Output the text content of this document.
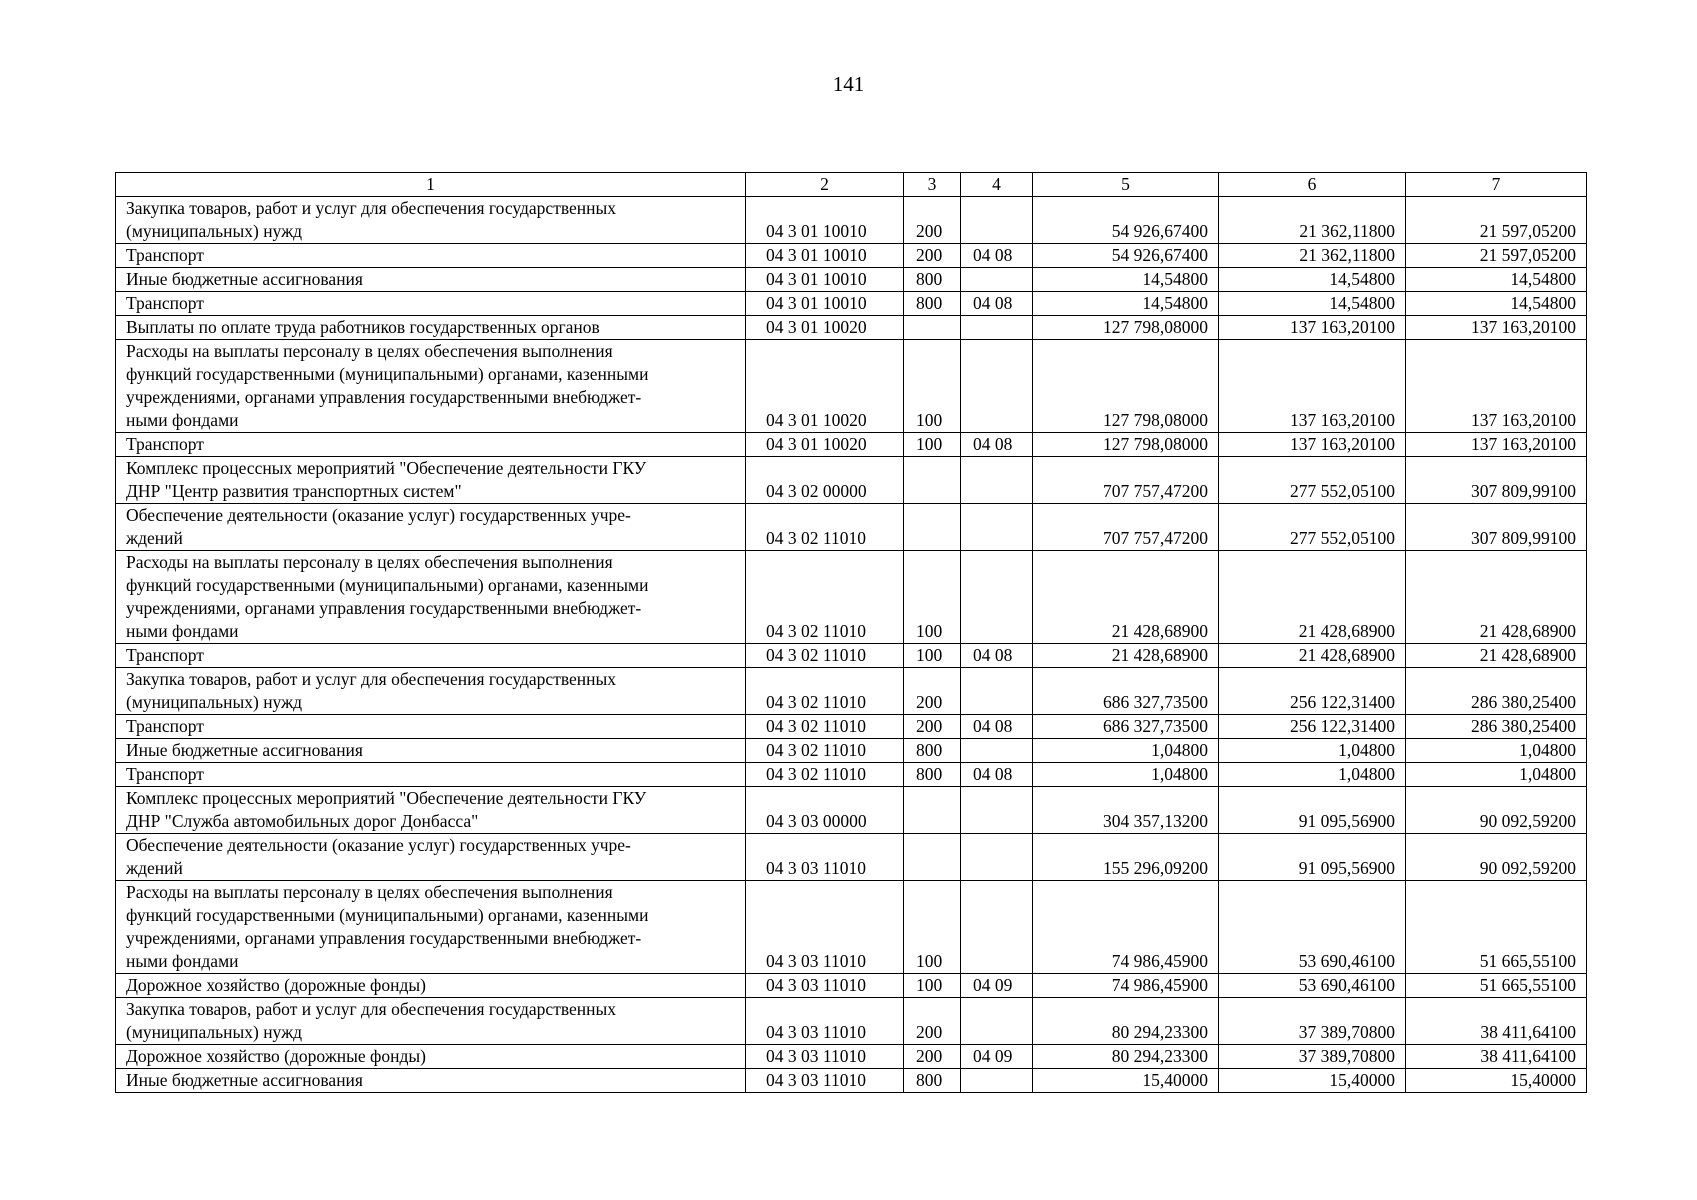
141
1	2	3	4	5	6	7
Закупка товаров, работ и услуг для обеспечения государственных
(муниципальных) нужд	04 3 01 10010	200		54 926,67400	21 362,11800	21 597,05200
Транспорт	04 3 01 10010	200	04 08	54 926,67400	21 362,11800	21 597,05200
Иные бюджетные ассигнования	04 3 01 10010	800		14,54800	14,54800	14,54800
Транспорт	04 3 01 10010	800	04 08	14,54800	14,54800	14,54800
Выплаты по оплате труда работников государственных органов	04 3 01 10020			127 798,08000	137 163,20100	137 163,20100
Расходы на выплаты персоналу в целях обеспечения выполнения
функций государственными (муниципальными) органами, казенными
учреждениями, органами управления государственными внебюджет-
ными фондами	04 3 01 10020	100		127 798,08000	137 163,20100	137 163,20100
Транспорт	04 3 01 10020	100	04 08	127 798,08000	137 163,20100	137 163,20100
Комплекс процессных мероприятий "Обеспечение деятельности ГКУ
ДНР "Центр развития транспортных систем"	04 3 02 00000			707 757,47200	277 552,05100	307 809,99100
Обеспечение деятельности (оказание услуг) государственных учре-
ждений	04 3 02 11010			707 757,47200	277 552,05100	307 809,99100
Расходы на выплаты персоналу в целях обеспечения выполнения
функций государственными (муниципальными) органами, казенными
учреждениями, органами управления государственными внебюджет-
ными фондами	04 3 02 11010	100		21 428,68900	21 428,68900	21 428,68900
Транспорт	04 3 02 11010	100	04 08	21 428,68900	21 428,68900	21 428,68900
Закупка товаров, работ и услуг для обеспечения государственных
(муниципальных) нужд	04 3 02 11010	200		686 327,73500	256 122,31400	286 380,25400
Транспорт	04 3 02 11010	200	04 08	686 327,73500	256 122,31400	286 380,25400
Иные бюджетные ассигнования	04 3 02 11010	800		1,04800	1,04800	1,04800
Транспорт	04 3 02 11010	800	04 08	1,04800	1,04800	1,04800
Комплекс процессных мероприятий "Обеспечение деятельности ГКУ
ДНР "Служба автомобильных дорог Донбасса"	04 3 03 00000			304 357,13200	91 095,56900	90 092,59200
Обеспечение деятельности (оказание услуг) государственных учре-
ждений	04 3 03 11010			155 296,09200	91 095,56900	90 092,59200
Расходы на выплаты персоналу в целях обеспечения выполнения
функций государственными (муниципальными) органами, казенными
учреждениями, органами управления государственными внебюджет-
ными фондами	04 3 03 11010	100		74 986,45900	53 690,46100	51 665,55100
Дорожное хозяйство (дорожные фонды)	04 3 03 11010	100	04 09	74 986,45900	53 690,46100	51 665,55100
Закупка товаров, работ и услуг для обеспечения государственных
(муниципальных) нужд	04 3 03 11010	200		80 294,23300	37 389,70800	38 411,64100
Дорожное хозяйство (дорожные фонды)	04 3 03 11010	200	04 09	80 294,23300	37 389,70800	38 411,64100
Иные бюджетные ассигнования	04 3 03 11010	800		15,40000	15,40000	15,40000
